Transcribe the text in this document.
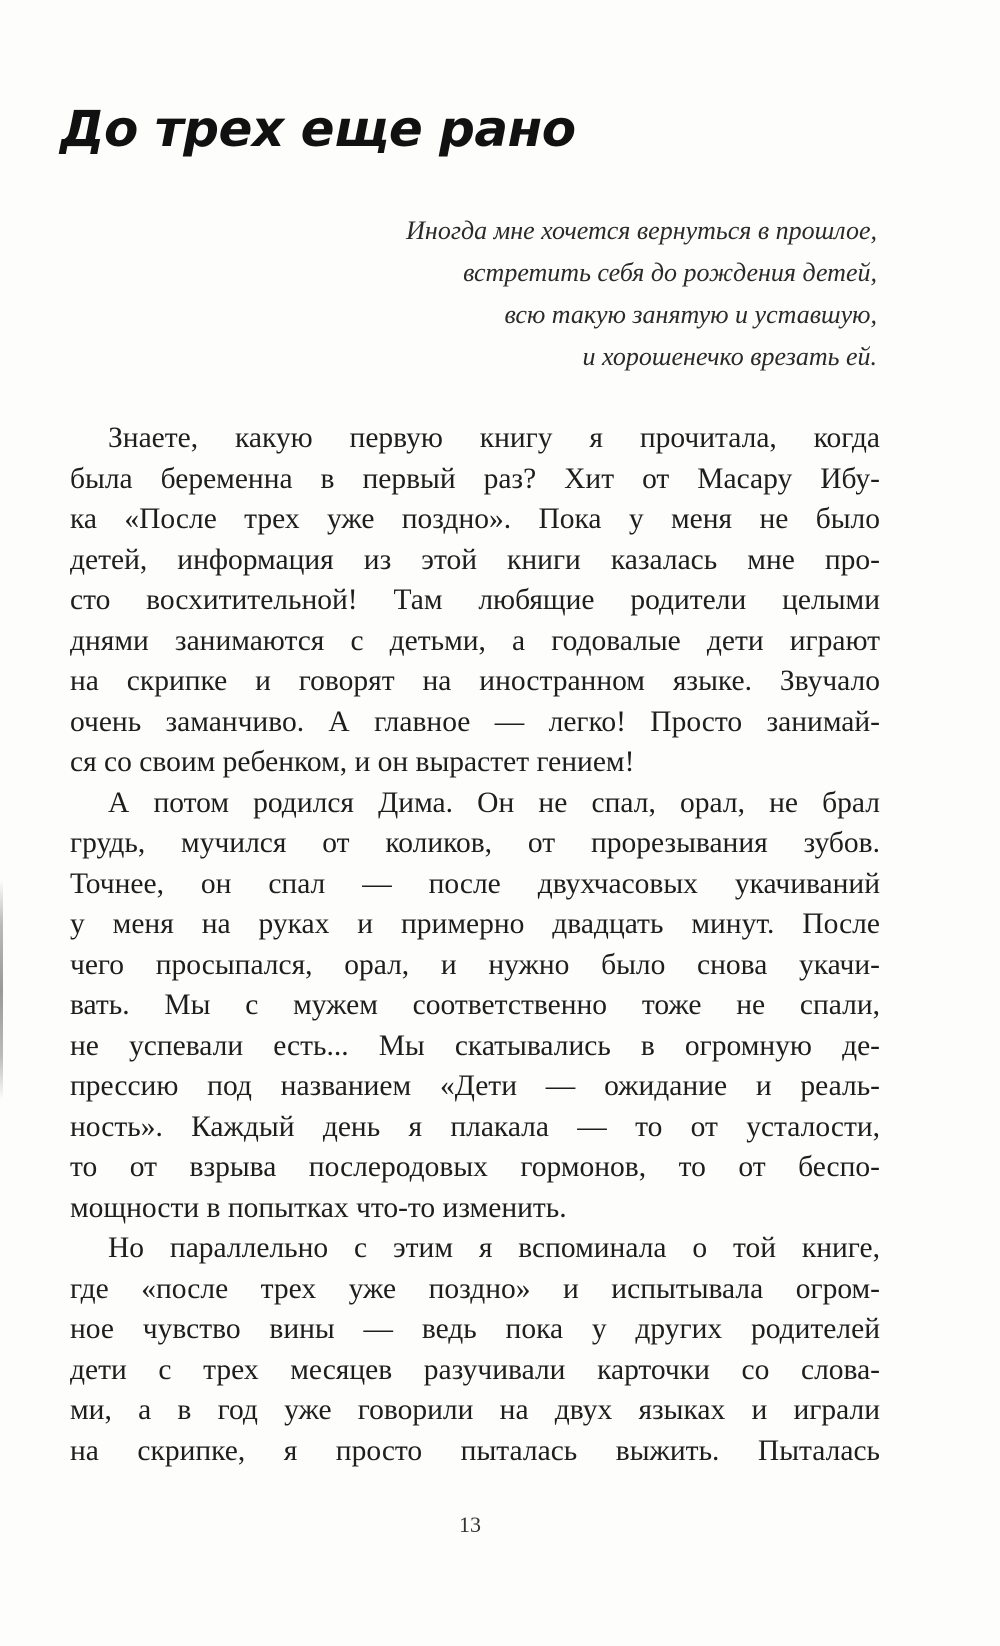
До трех еще рано
Иногда мне хочется вернуться в прошлое,
встретить себя до рождения детей,
всю такую занятую и уставшую,
и хорошенечко врезать ей.
Знаете, какую первую книгу я прочитала, когда
была беременна в первый раз? Хит от Масару Ибу-
ка «После трех уже поздно». Пока у меня не было
детей, информация из этой книги казалась мне про-
сто восхитительной! Там любящие родители целыми
днями занимаются с детьми, а годовалые дети играют
на скрипке и говорят на иностранном языке. Звучало
очень заманчиво. А главное — легко! Просто занимай-
ся со своим ребенком, и он вырастет гением!
А потом родился Дима. Он не спал, орал, не брал
грудь, мучился от коликов, от прорезывания зубов.
Точнее, он спал — после двухчасовых укачиваний
у меня на руках и примерно двадцать минут. После
чего просыпался, орал, и нужно было снова укачи-
вать. Мы с мужем соответственно тоже не спали,
не успевали есть... Мы скатывались в огромную де-
прессию под названием «Дети — ожидание и реаль-
ность». Каждый день я плакала — то от усталости,
то от взрыва послеродовых гормонов, то от беспо-
мощности в попытках что-то изменить.
Но параллельно с этим я вспоминала о той книге,
где «после трех уже поздно» и испытывала огром-
ное чувство вины — ведь пока у других родителей
дети с трех месяцев разучивали карточки со слова-
ми, а в год уже говорили на двух языках и играли
на скрипке, я просто пыталась выжить. Пыталась
13
